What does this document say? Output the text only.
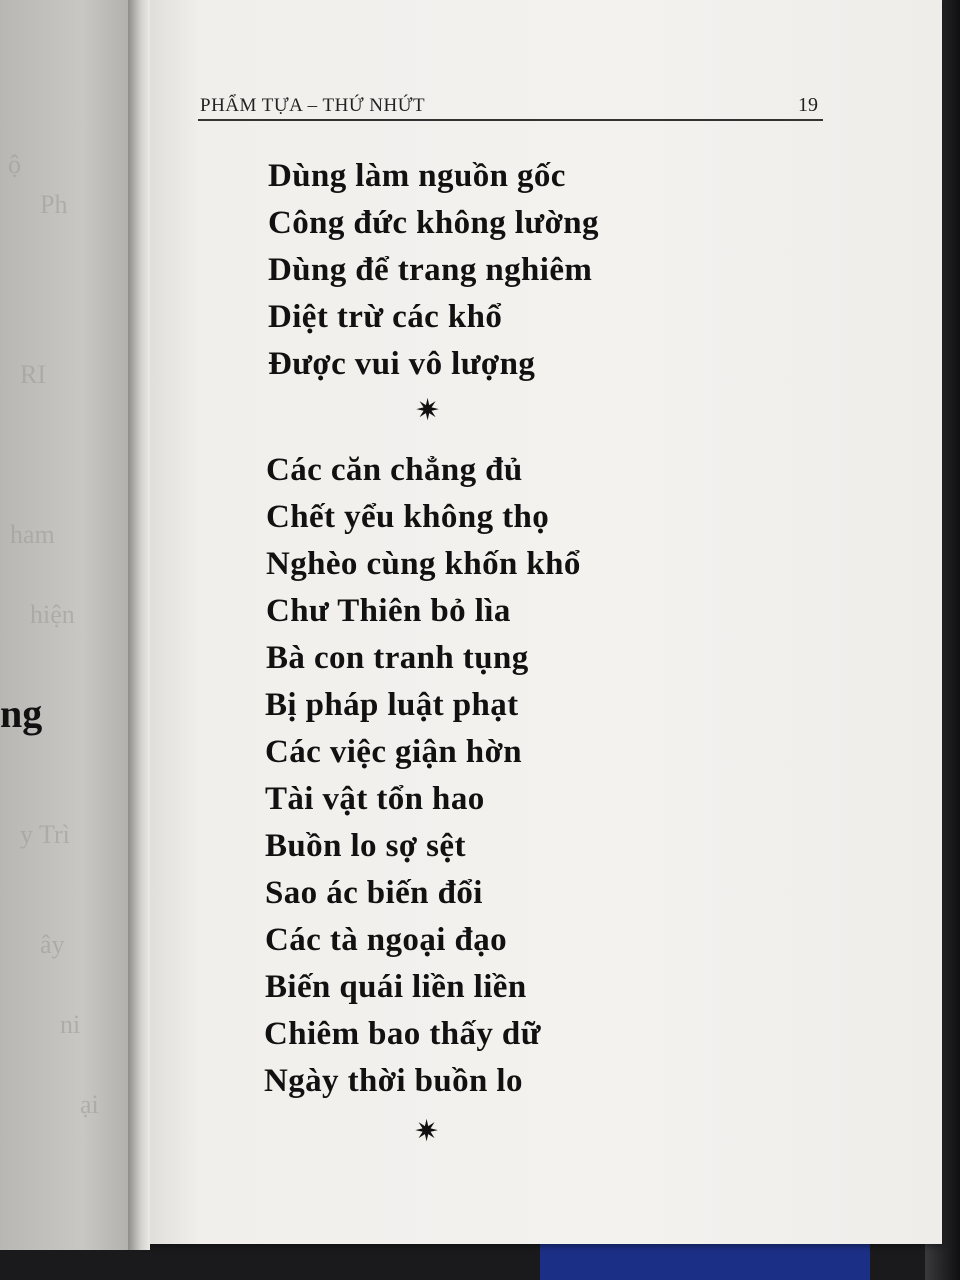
ộ
Ph
RI
ham
hiện
y Trì
ây
ni
ại
ng
PHẨM TỰA – THỨ NHỨT	19
Dùng làm nguồn gốc
Công đức không lường
Dùng để trang nghiêm
Diệt trừ các khổ
Được vui vô lượng
✷
Các căn chẳng đủ
Chết yểu không thọ
Nghèo cùng khốn khổ
Chư Thiên bỏ lìa
Bà con tranh tụng
Bị pháp luật phạt
Các việc giận hờn
Tài vật tổn hao
Buồn lo sợ sệt
Sao ác biến đổi
Các tà ngoại đạo
Biến quái liền liền
Chiêm bao thấy dữ
Ngày thời buồn lo
✷
